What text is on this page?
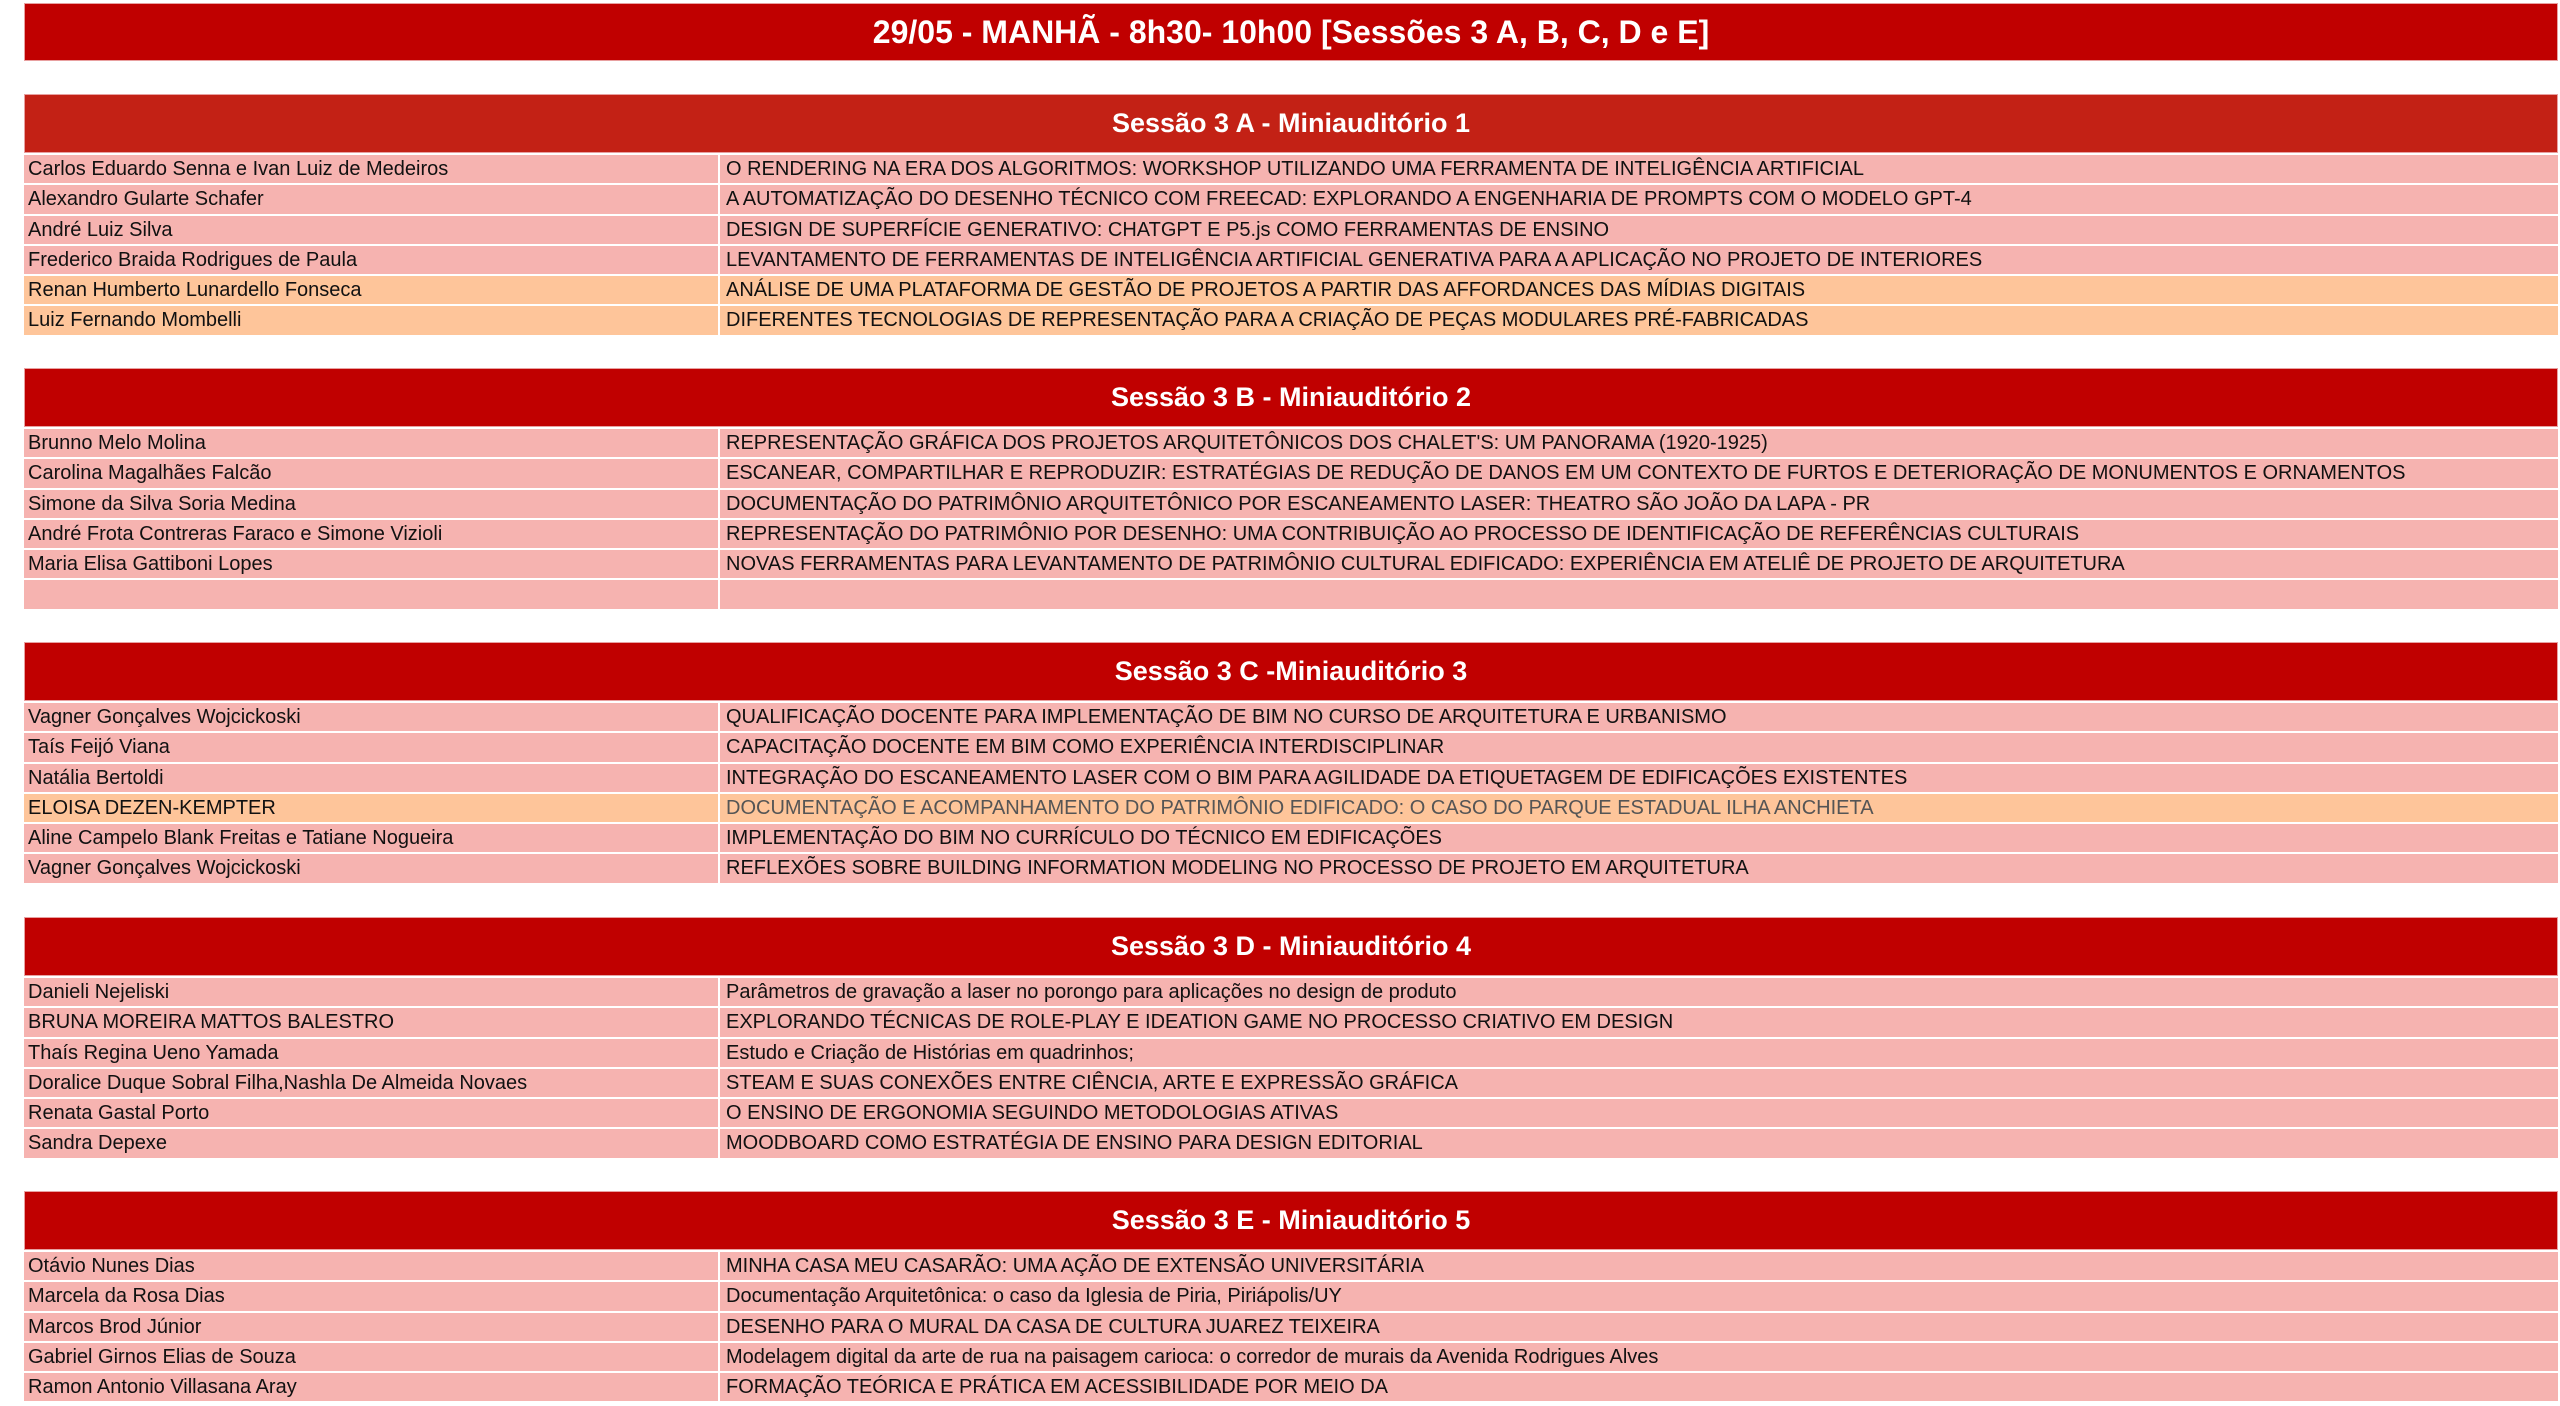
29/05 - MANHÃ - 8h30- 10h00 [Sessões 3 A, B, C, D e E]
Sessão 3 A - Miniauditório 1
Carlos Eduardo Senna e Ivan Luiz de Medeiros	O RENDERING NA ERA DOS ALGORITMOS: WORKSHOP UTILIZANDO UMA FERRAMENTA DE INTELIGÊNCIA ARTIFICIAL
Alexandro Gularte Schafer	A AUTOMATIZAÇÃO DO DESENHO TÉCNICO COM FREECAD: EXPLORANDO A ENGENHARIA DE PROMPTS COM O MODELO GPT-4
André Luiz Silva	DESIGN DE SUPERFÍCIE GENERATIVO: CHATGPT E P5.js COMO FERRAMENTAS DE ENSINO
Frederico Braida Rodrigues de Paula	LEVANTAMENTO DE FERRAMENTAS DE INTELIGÊNCIA ARTIFICIAL GENERATIVA PARA A APLICAÇÃO NO PROJETO DE INTERIORES
Renan Humberto Lunardello Fonseca	ANÁLISE DE UMA PLATAFORMA DE GESTÃO DE PROJETOS A PARTIR DAS AFFORDANCES DAS MÍDIAS DIGITAIS
Luiz Fernando Mombelli	DIFERENTES TECNOLOGIAS DE REPRESENTAÇÃO PARA A CRIAÇÃO DE PEÇAS MODULARES PRÉ-FABRICADAS
Sessão 3 B - Miniauditório 2
Brunno Melo Molina	REPRESENTAÇÃO GRÁFICA DOS PROJETOS ARQUITETÔNICOS DOS CHALET'S: UM PANORAMA (1920-1925)
Carolina Magalhães Falcão	ESCANEAR, COMPARTILHAR E REPRODUZIR: ESTRATÉGIAS DE REDUÇÃO DE DANOS EM UM CONTEXTO DE FURTOS E DETERIORAÇÃO DE MONUMENTOS E ORNAMENTOS
Simone da Silva Soria Medina	DOCUMENTAÇÃO DO PATRIMÔNIO ARQUITETÔNICO POR ESCANEAMENTO LASER: THEATRO SÃO JOÃO DA LAPA - PR
André Frota Contreras Faraco e Simone Vizioli	REPRESENTAÇÃO DO PATRIMÔNIO POR DESENHO: UMA CONTRIBUIÇÃO AO PROCESSO DE IDENTIFICAÇÃO DE REFERÊNCIAS CULTURAIS
Maria Elisa Gattiboni Lopes	NOVAS FERRAMENTAS PARA LEVANTAMENTO DE PATRIMÔNIO CULTURAL EDIFICADO: EXPERIÊNCIA EM ATELIÊ DE PROJETO DE ARQUITETURA
Sessão 3 C -Miniauditório 3
Vagner Gonçalves Wojcickoski	QUALIFICAÇÃO DOCENTE PARA IMPLEMENTAÇÃO DE BIM NO CURSO DE ARQUITETURA E URBANISMO
Taís Feijó Viana	CAPACITAÇÃO DOCENTE EM BIM COMO EXPERIÊNCIA INTERDISCIPLINAR
Natália Bertoldi	INTEGRAÇÃO DO ESCANEAMENTO LASER COM O BIM PARA AGILIDADE DA ETIQUETAGEM DE EDIFICAÇÕES EXISTENTES
ELOISA DEZEN-KEMPTER	DOCUMENTAÇÃO E ACOMPANHAMENTO DO PATRIMÔNIO EDIFICADO: O CASO DO PARQUE ESTADUAL ILHA ANCHIETA
Aline Campelo Blank Freitas e Tatiane Nogueira	IMPLEMENTAÇÃO DO BIM NO CURRÍCULO DO TÉCNICO EM EDIFICAÇÕES
Vagner Gonçalves Wojcickoski	REFLEXÕES SOBRE BUILDING INFORMATION MODELING NO PROCESSO DE PROJETO EM ARQUITETURA
Sessão 3 D - Miniauditório 4
Danieli Nejeliski	Parâmetros de gravação a laser no porongo para aplicações no design de produto
BRUNA MOREIRA MATTOS BALESTRO	EXPLORANDO TÉCNICAS DE ROLE-PLAY E IDEATION GAME NO PROCESSO CRIATIVO EM DESIGN
Thaís Regina Ueno Yamada	Estudo e Criação de Histórias em quadrinhos;
Doralice Duque Sobral Filha,Nashla De Almeida Novaes	STEAM E SUAS CONEXÕES ENTRE CIÊNCIA, ARTE E EXPRESSÃO GRÁFICA
Renata Gastal Porto	O ENSINO DE ERGONOMIA SEGUINDO METODOLOGIAS ATIVAS
Sandra Depexe	MOODBOARD COMO ESTRATÉGIA DE ENSINO PARA DESIGN EDITORIAL
Sessão 3 E - Miniauditório 5
Otávio Nunes Dias	MINHA CASA MEU CASARÃO: UMA AÇÃO DE EXTENSÃO UNIVERSITÁRIA
Marcela da Rosa Dias	Documentação Arquitetônica: o caso da Iglesia de Piria, Piriápolis/UY
Marcos Brod Júnior	DESENHO PARA O MURAL DA CASA DE CULTURA JUAREZ TEIXEIRA
Gabriel Girnos Elias de Souza	Modelagem digital da arte de rua na paisagem carioca: o corredor de murais da Avenida Rodrigues Alves
Ramon Antonio Villasana Aray	FORMAÇÃO TEÓRICA E PRÁTICA EM ACESSIBILIDADE POR MEIO DA
